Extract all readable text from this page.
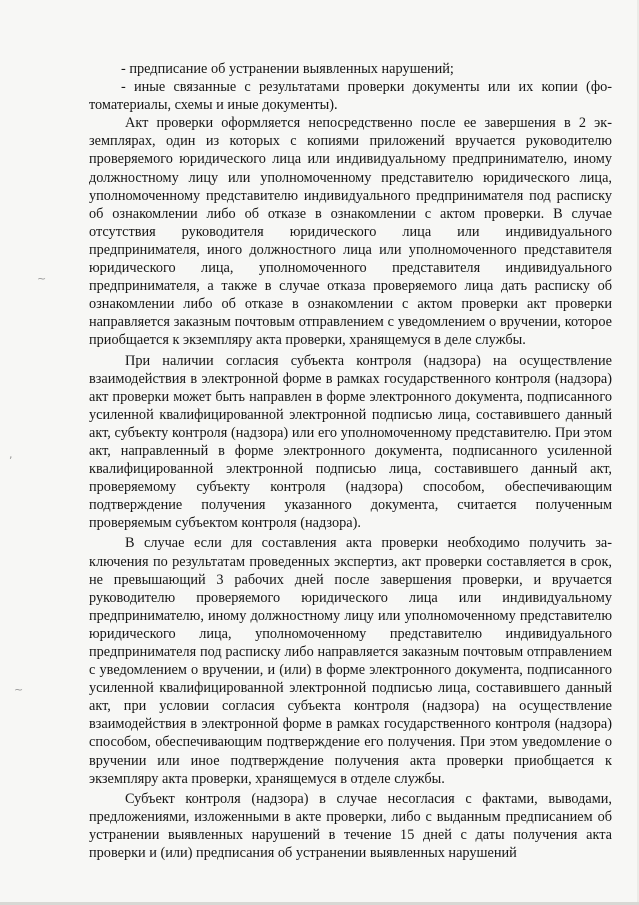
~
,
~

- предписание об устранении выявленных нарушений;

- иные связанные с результатами проверки документы или их копии (фотоматериалы, схемы и иные документы).

Акт проверки оформляется непосредственно после ее завершения в 2 экземплярах, один из которых с копиями приложений вручается руководителю проверяемого юридического лица или индивидуальному предпринимателю, иному должностному лицу или уполномоченному представителю юридического лица, уполномоченному представителю индивидуального предпринимателя под расписку об ознакомлении либо об отказе в ознакомлении с актом проверки. В случае отсутствия руководителя юридического лица или индивидуального предпринимателя, иного должностного лица или уполномоченного представителя юридического лица, уполномоченного представителя индивидуального предпринимателя, а также в случае отказа проверяемого лица дать расписку об ознакомлении либо об отказе в ознакомлении с актом проверки акт проверки направляется заказным почтовым отправлением с уведомлением о вручении, которое приобщается к экземпляру акта проверки, хранящемуся в деле службы.

При наличии согласия субъекта контроля (надзора) на осуществление взаимодействия в электронной форме в рамках государственного контроля (надзора) акт проверки может быть направлен в форме электронного документа, подписанного усиленной квалифицированной электронной подписью лица, составившего данный акт, субъекту контроля (надзора) или его уполномоченному представителю. При этом акт, направленный в форме электронного документа, подписанного усиленной квалифицированной электронной подписью лица, составившего данный акт, проверяемому субъекту контроля (надзора) способом, обеспечивающим подтверждение получения указанного документа, считается полученным проверяемым субъектом контроля (надзора).

В случае если для составления акта проверки необходимо получить заключения по результатам проведенных экспертиз, акт проверки составляется в срок, не превышающий 3 рабочих дней после завершения проверки, и вручается руководителю проверяемого юридического лица или индивидуальному предпринимателю, иному должностному лицу или уполномоченному представителю юридического лица, уполномоченному представителю индивидуального предпринимателя под расписку либо направляется заказным почтовым отправлением с уведомлением о вручении, и (или) в форме электронного документа, подписанного усиленной квалифицированной электронной подписью лица, составившего данный акт, при условии согласия субъекта контроля (надзора) на осуществление взаимодействия в электронной форме в рамках государственного контроля (надзора) способом, обеспечивающим подтверждение его получения. При этом уведомление о вручении или иное подтверждение получения акта проверки приобщается к экземпляру акта проверки, хранящемуся в отделе службы.

Субъект контроля (надзора) в случае несогласия с фактами, выводами, предложениями, изложенными в акте проверки, либо с выданным предписанием об устранении выявленных нарушений в течение 15 дней с даты получения акта проверки и (или) предписания об устранении выявленных нарушений
